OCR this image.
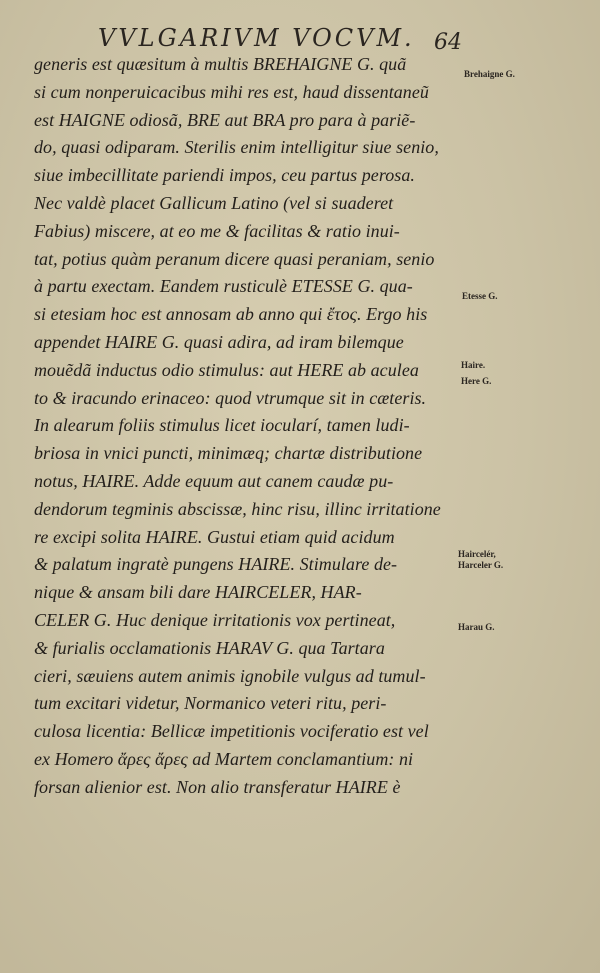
VVLGARIVM VOCVM. 64
generis est quæsitum à multis BREHAIGNE G. quã
si cum nonperuicacibus mihi res est, haud dissentaneũ
est HAIGNE odiosã, BRE aut BRA pro para à pariẽ-
do, quasi odiparam. Sterilis enim intelligitur siue senio,
siue imbecillitate pariendi impos, ceu partus perosa.
Nec valdè placet Gallicum Latino (vel si suaderet
Fabius) miscere, at eo me & facilitas & ratio inui-
tat, potius quàm peranum dicere quasi peraniam, senio
à partu exectam. Eandem rusticulè ETESSE G. qua-
si etesiam hoc est annosam ab anno qui ἔτος. Ergo his
appendet HAIRE G. quasi adira, ad iram bilemque
mouẽdã inductus odio stimulus: aut HERE ab aculea
to & iracundo erinaceo: quod vtrumque sit in cæteris.
In alearum foliis stimulus licet iocularí, tamen ludi-
briosa in vnici puncti, minimæq; chartæ distributione
notus, HAIRE. Adde equum aut canem caudæ pu-
dendorum tegminis abscissæ, hinc risu, illinc irritatione
re excipi solita HAIRE. Gustui etiam quid acidum
& palatum ingratè pungens HAIRE. Stimulare de-
nique & ansam bili dare HAIRCELER, HAR-
CELER G. Huc denique irritationis vox pertineat,
& furialis occlamationis HARAV G. qua Tartara
cieri, sæuiens autem animis ignobile vulgus ad tumul-
tum excitari videtur, Normanico veteri ritu, peri-
culosa licentia: Bellicæ impetitionis vociferatio est vel
ex Homero ἄρες ἄρες ad Martem conclamantium: ni
forsan alienior est. Non alio transferatur HAIRE è
Brehaigne G.
Etesse G.
Haire.
Here G.
Haircelér,
Harceler G.
Harau G.
